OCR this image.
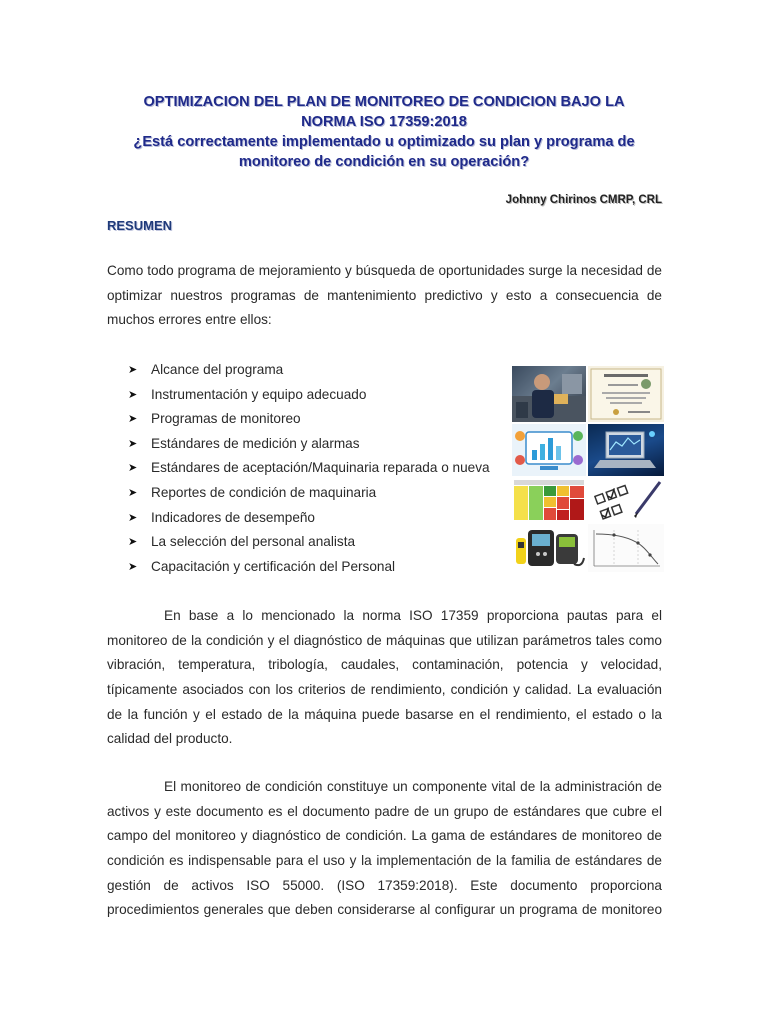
OPTIMIZACION DEL PLAN DE MONITOREO DE CONDICION BAJO LA
NORMA ISO 17359:2018
¿Está correctamente implementado u optimizado su plan y programa de
monitoreo de condición en su operación?
Johnny Chirinos CMRP, CRL
RESUMEN
Como todo programa de mejoramiento y búsqueda de oportunidades surge la necesidad de
optimizar nuestros programas de mantenimiento predictivo y esto a consecuencia de
muchos errores entre ellos:
➤	Alcance del programa
➤	Instrumentación y equipo adecuado
➤	Programas de monitoreo
➤	Estándares de medición y alarmas
➤	Estándares de aceptación/Maquinaria reparada o nueva
➤	Reportes de condición de maquinaria
➤	Indicadores de desempeño
➤	La selección del personal analista
➤	Capacitación y certificación del Personal
En base a lo mencionado la norma ISO 17359 proporciona pautas para el
monitoreo de la condición y el diagnóstico de máquinas que utilizan parámetros tales como
vibración, temperatura, tribología, caudales, contaminación, potencia y velocidad,
típicamente asociados con los criterios de rendimiento, condición y calidad. La evaluación
de la función y el estado de la máquina puede basarse en el rendimiento, el estado o la
calidad del producto.
El monitoreo de condición constituye un componente vital de la administración de
activos y este documento es el documento padre de un grupo de estándares que cubre el
campo del monitoreo y diagnóstico de condición. La gama de estándares de monitoreo de
condición es indispensable para el uso y la implementación de la familia de estándares de
gestión de activos ISO 55000. (ISO 17359:2018). Este documento proporciona
procedimientos generales que deben considerarse al configurar un programa de monitoreo
